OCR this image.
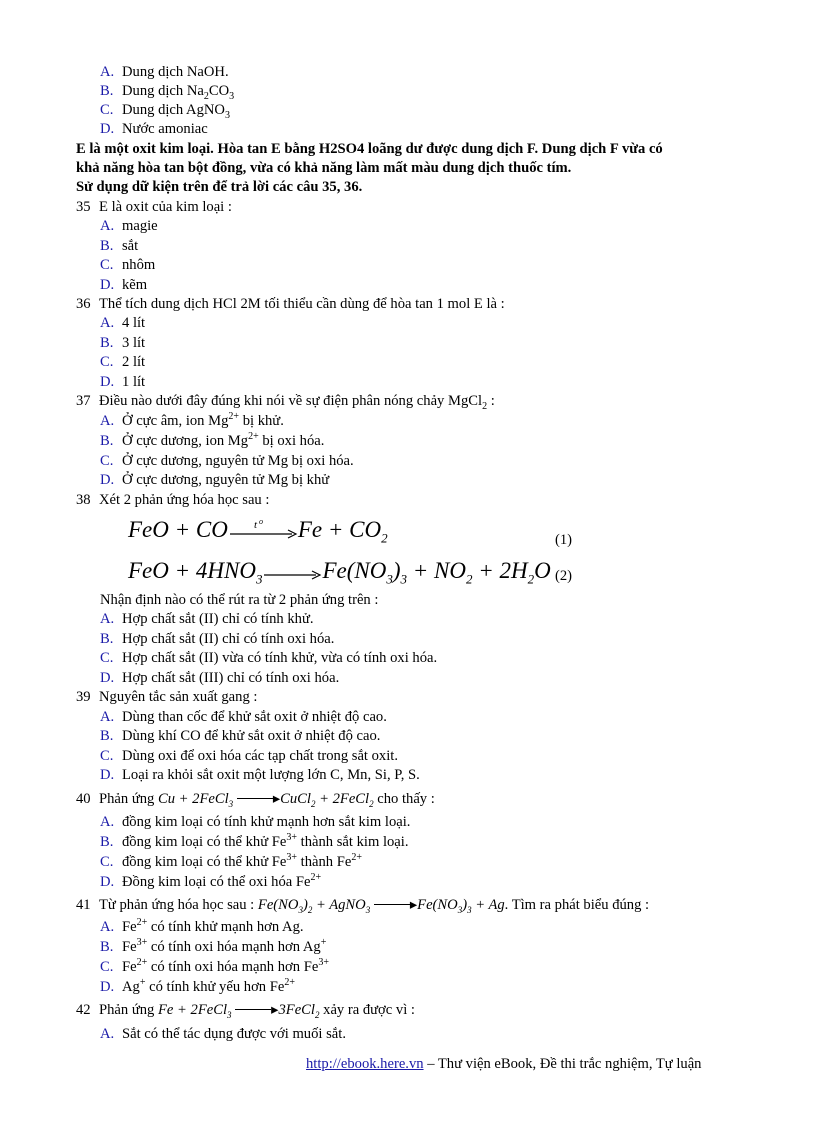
A. Dung dịch NaOH.
B. Dung dịch $Na_2CO_3$
C. Dung dịch AgNO$_3$
D. Nước amoniac
E là một oxit kim loại. Hòa tan E bằng H2SO4 loãng dư được dung dịch F. Dung dịch F vừa có
khả năng hòa tan bột đồng, vừa có khả năng làm mất màu dung dịch thuốc tím.
Sử dụng dữ kiện trên để trả lời các câu 35, 36.
35 E là oxit của kim loại :
A. magie
B. sắt
C. nhôm
D. kẽm
36 Thể tích dung dịch HCl 2M tối thiểu cần dùng để hòa tan 1 mol E là :
A. 4 lít
B. 3 lít
C. 2 lít
D. 1 lít
37 Điều nào dưới đây đúng khi nói về sự điện phân nóng chảy MgCl$_2$ :
A. Ở cực âm, ion $Mg^{2+}$ bị khử.
B. Ở cực dương, ion $Mg^{2+}$ bị oxi hóa.
C. Ở cực dương, nguyên tử Mg bị oxi hóa.
D. Ở cực dương, nguyên tử Mg bị khử
38 Xét 2 phản ứng hóa học sau :
FeO + CO t o $Fe + CO_2$	(1)
FeO + $4HNO_3$	$Fe(NO_3)_3 + NO_2 + 2H_2O$ (2)
Nhận định nào có thể rút ra từ 2 phản ứng trên :
A. Hợp chất sắt (II) chỉ có tính khử.
B. Hợp chất sắt (II) chỉ có tính oxi hóa.
C. Hợp chất sắt (II) vừa có tính khử, vừa có tính oxi hóa.
D. Hợp chất sắt (III) chỉ có tính oxi hóa.
39 Nguyên tắc sản xuất gang :
A. Dùng than cốc để khử sắt oxit ở nhiệt độ cao.
B. Dùng khí CO để khử sắt oxit ở nhiệt độ cao.
C. Dùng oxi để oxi hóa các tạp chất trong sắt oxit.
D. Loại ra khỏi sắt oxit một lượng lớn C, Mn, Si, P, S.
40 Phản ứng Cu + 2FeCl$_3$	▸CuCl$_2$ + 2FeCl$_2$ cho thấy :
A. đồng kim loại có tính khử mạnh hơn sắt kim loại.
B. đồng kim loại có thể khử $Fe^{3+}$ thành sắt kim loại.
C. đồng kim loại có thể khử $Fe^{3+}$ thành $Fe^{2+}$
D. Đồng kim loại có thể oxi hóa $Fe^{2+}$
41 Từ phản ứng hóa học sau : $Fe(NO_3)_2$ + AgNO$_3$	$▸Fe(NO_3)_3 + Ag$. Tìm ra phát biểu đúng :
A. $Fe^{2+}$ có tính khử mạnh hơn Ag.
B. $Fe^{3+}$ có tính oxi hóa mạnh hơn Ag+
C. $Fe^{2+}$ có tính oxi hóa mạnh hơn $Fe^{3+}$
D. Ag+ có tính khử yếu hơn $Fe^{2+}$
42 Phản ứng Fe + 2FeCl$_3$	▸3FeCl$_2$ xảy ra được vì :
A. Sắt có thể tác dụng được với muối sắt.
http://ebook.here.vn – Thư viện eBook, Đề thi trắc nghiệm, Tự luận
